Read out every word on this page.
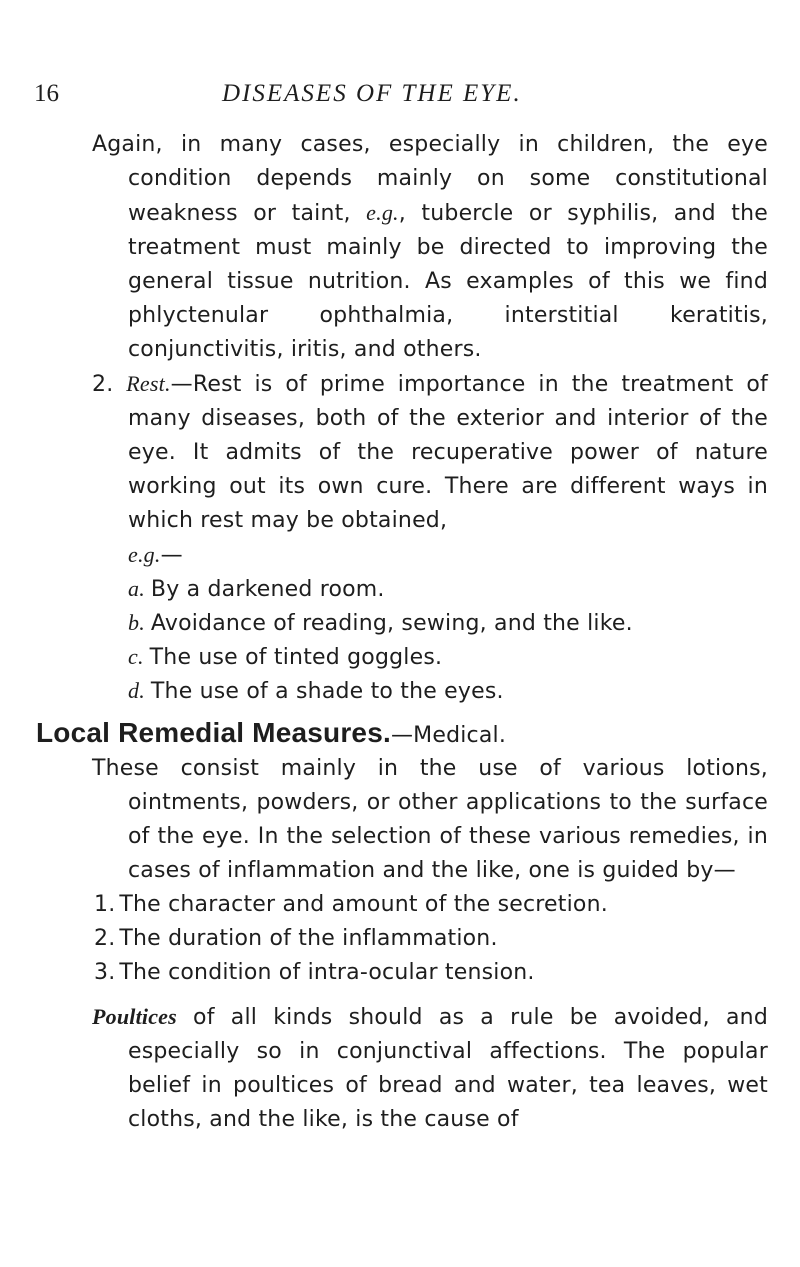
16	DISEASES OF THE EYE.

Again, in many cases, especially in children, the eye condition depends mainly on some constitutional weakness or taint, e.g., tubercle or syphilis, and the treatment must mainly be directed to improving the general tissue nutrition. As examples of this we find phlyctenular ophthalmia, interstitial keratitis, conjunctivitis, iritis, and others.

2. Rest.—Rest is of prime importance in the treatment of many diseases, both of the exterior and interior of the eye. It admits of the recuperative power of nature working out its own cure. There are different ways in which rest may be obtained,

e.g.—
a. By a darkened room.
b. Avoidance of reading, sewing, and the like.
c. The use of tinted goggles.
d. The use of a shade to the eyes.
Local Remedial Measures.—Medical.

These consist mainly in the use of various lotions, ointments, powders, or other applications to the surface of the eye. In the selection of these various remedies, in cases of inflammation and the like, one is guided by—

1. The character and amount of the secretion.
2. The duration of the inflammation.
3. The condition of intra-ocular tension.

Poultices of all kinds should as a rule be avoided, and especially so in conjunctival affections. The popular belief in poultices of bread and water, tea leaves, wet cloths, and the like, is the cause of
